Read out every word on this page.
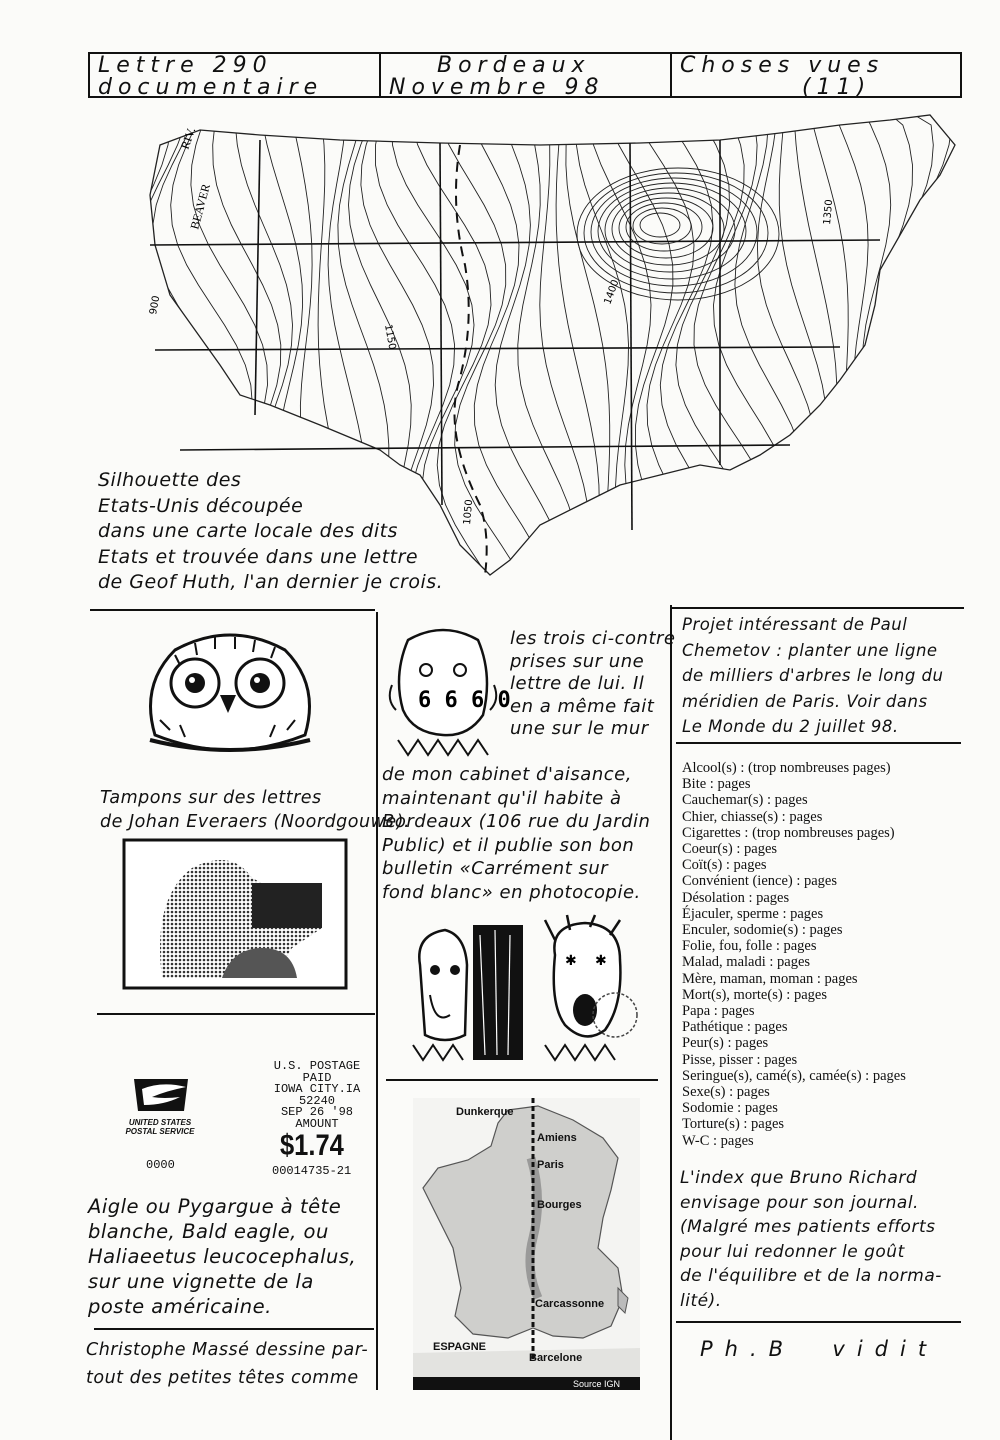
Lettre 290
documentaire
Bordeaux
Novembre 98
Choses vues
(11)
RIV.
BEAVER
900
1150
1400
1050
1350
Silhouette des
Etats-Unis découpée
dans une carte locale des dits
Etats et trouvée dans une lettre
de Geof Huth, l'an dernier je crois.
Tampons sur des lettres
de Johan Everaers (Noordgouwe).
UNITED STATES
POSTAL SERVICE
0000
U.S. POSTAGE
PAID
IOWA CITY.IA
52240
SEP 26 '98
AMOUNT
$1.74
00014735-21
Aigle ou Pygargue à tête
blanche, Bald eagle, ou
Haliaeetus leucocephalus,
sur une vignette de la
poste américaine.
Christophe Massé dessine par-
tout des petites têtes comme
6 6 6 0
les trois ci-contre
prises sur une
lettre de lui. Il
en a même fait
une sur le mur
de mon cabinet d'aisance,
maintenant qu'il habite à
Bordeaux (106 rue du Jardin
Public) et il publie son bon
bulletin «Carrément sur
fond blanc» en photocopie.
✱ ✱
Dunkerque
Amiens
Paris
Bourges
Carcassonne
ESPAGNE
Barcelone
Source IGN
Projet intéressant de Paul
Chemetov : planter une ligne
de milliers d'arbres le long du
méridien de Paris. Voir dans
Le Monde du 2 juillet 98.
Alcool(s) : (trop nombreuses pages)
Bite : pages
Cauchemar(s) : pages
Chier, chiasse(s) : pages
Cigarettes : (trop nombreuses pages)
Coeur(s) : pages
Coït(s) : pages
Convénient (ience) : pages
Désolation : pages
Éjaculer, sperme : pages
Enculer, sodomie(s) : pages
Folie, fou, folle : pages
Malad, maladi : pages
Mère, maman, moman : pages
Mort(s), morte(s) : pages
Papa : pages
Pathétique : pages
Peur(s) : pages
Pisse, pisser : pages
Seringue(s), camé(s), camée(s) : pages
Sexe(s) : pages
Sodomie : pages
Torture(s) : pages
W-C : pages
L'index que Bruno Richard
envisage pour son journal.
(Malgré mes patients efforts
pour lui redonner le goût
de l'équilibre et de la norma-
lité).
Ph.B  vidit
